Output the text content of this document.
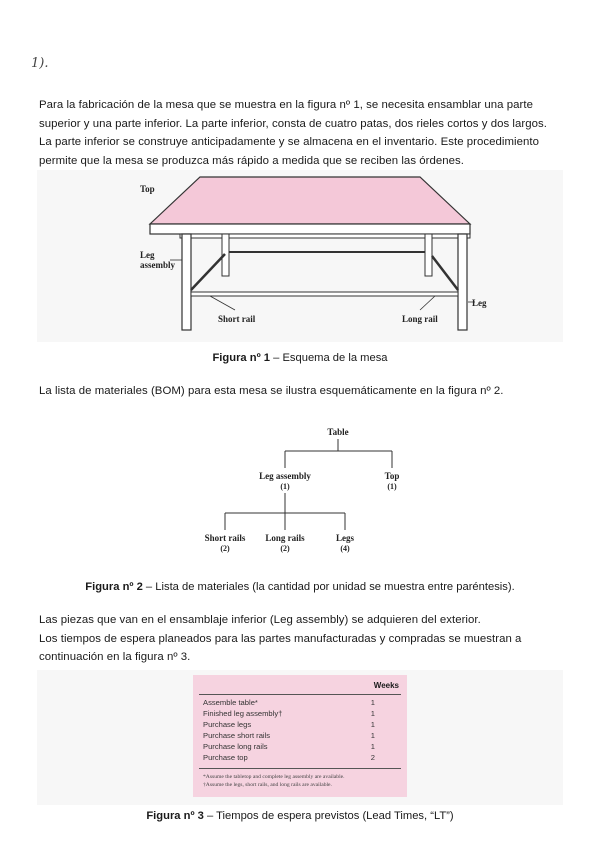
1).
Para la fabricación de la mesa que se muestra en la figura nº 1, se necesita ensamblar una parte
superior y una parte inferior. La parte inferior, consta de cuatro patas, dos rieles cortos y dos largos.
La parte inferior se construye anticipadamente y se almacena en el inventario. Este procedimiento
permite que la mesa se produzca más rápido a medida que se reciben las órdenes.
Top
Leg
assembly
Short rail	Long rail
Leg
Figura nº 1 – Esquema de la mesa
La lista de materiales (BOM) para esta mesa se ilustra esquemáticamente en la figura nº 2.
Table
Leg assembly
(1)
Top
(1)
Short rails
(2)
Long rails
(2)
Legs
(4)
Figura nº 2 – Lista de materiales (la cantidad por unidad se muestra entre paréntesis).
Las piezas que van en el ensamblaje inferior (Leg assembly) se adquieren del exterior.
Los tiempos de espera planeados para las partes manufacturadas y compradas se muestran a
continuación en la figura nº 3.
Weeks
Assemble table*	1
Finished leg assembly†	1
Purchase legs	1
Purchase short rails	1
Purchase long rails	1
Purchase top	2
*Assume the tabletop and complete leg assembly are available.
†Assume the legs, short rails, and long rails are available.
Figura nº 3 – Tiempos de espera previstos (Lead Times, “LT”)
